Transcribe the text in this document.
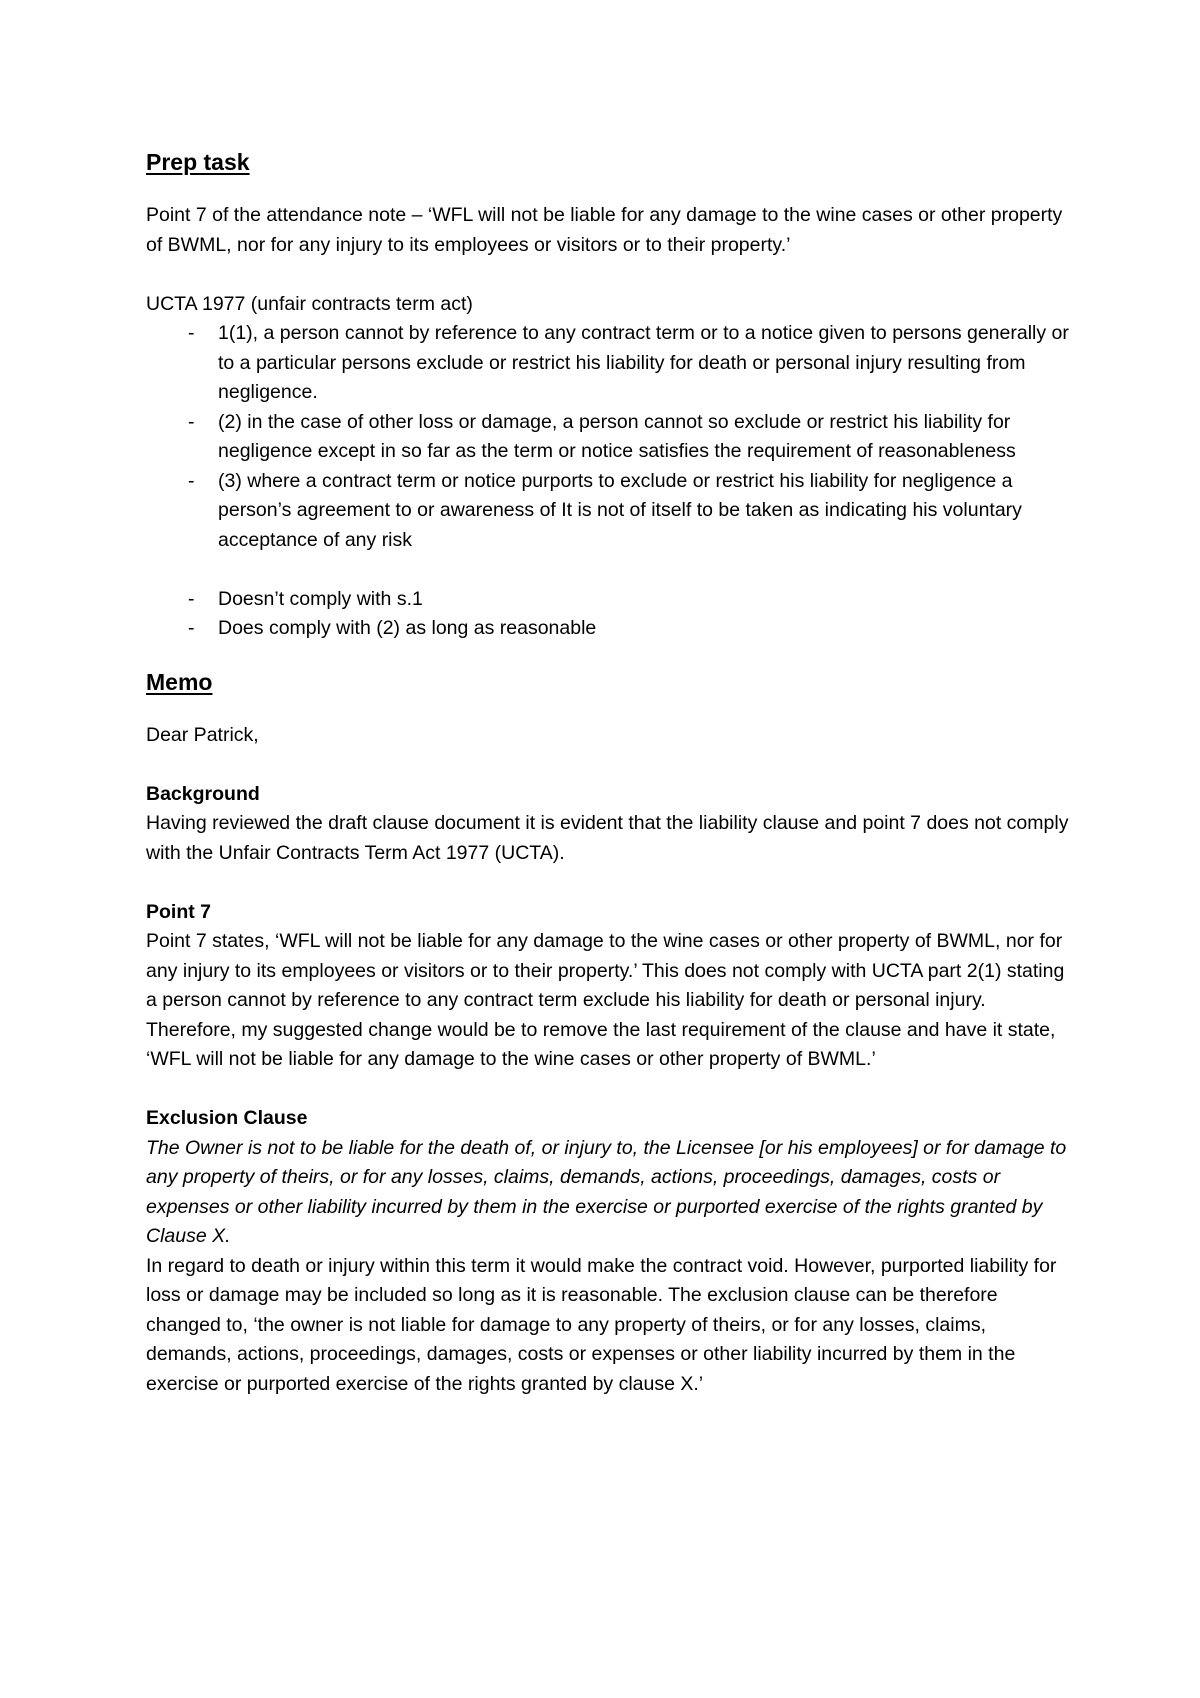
Prep task

Point 7 of the attendance note – ‘WFL will not be liable for any damage to the wine cases or other property of BWML, nor for any injury to its employees or visitors or to their property.’

UCTA 1977 (unfair contracts term act)

- 1(1), a person cannot by reference to any contract term or to a notice given to persons generally or to a particular persons exclude or restrict his liability for death or personal injury resulting from negligence.
- (2) in the case of other loss or damage, a person cannot so exclude or restrict his liability for negligence except in so far as the term or notice satisfies the requirement of reasonableness
- (3) where a contract term or notice purports to exclude or restrict his liability for negligence a person’s agreement to or awareness of It is not of itself to be taken as indicating his voluntary acceptance of any risk
- Doesn’t comply with s.1
- Does comply with (2) as long as reasonable
Memo

Dear Patrick,

Background

Having reviewed the draft clause document it is evident that the liability clause and point 7 does not comply with the Unfair Contracts Term Act 1977 (UCTA).

Point 7

Point 7 states, ‘WFL will not be liable for any damage to the wine cases or other property of BWML, nor for any injury to its employees or visitors or to their property.’ This does not comply with UCTA part 2(1) stating a person cannot by reference to any contract term exclude his liability for death or personal injury. Therefore, my suggested change would be to remove the last requirement of the clause and have it state, ‘WFL will not be liable for any damage to the wine cases or other property of BWML.’

Exclusion Clause

The Owner is not to be liable for the death of, or injury to, the Licensee [or his employees] or for damage to any property of theirs, or for any losses, claims, demands, actions, proceedings, damages, costs or expenses or other liability incurred by them in the exercise or purported exercise of the rights granted by Clause X.

In regard to death or injury within this term it would make the contract void. However, purported liability for loss or damage may be included so long as it is reasonable. The exclusion clause can be therefore changed to, ‘the owner is not liable for damage to any property of theirs, or for any losses, claims, demands, actions, proceedings, damages, costs or expenses or other liability incurred by them in the exercise or purported exercise of the rights granted by clause X.’
